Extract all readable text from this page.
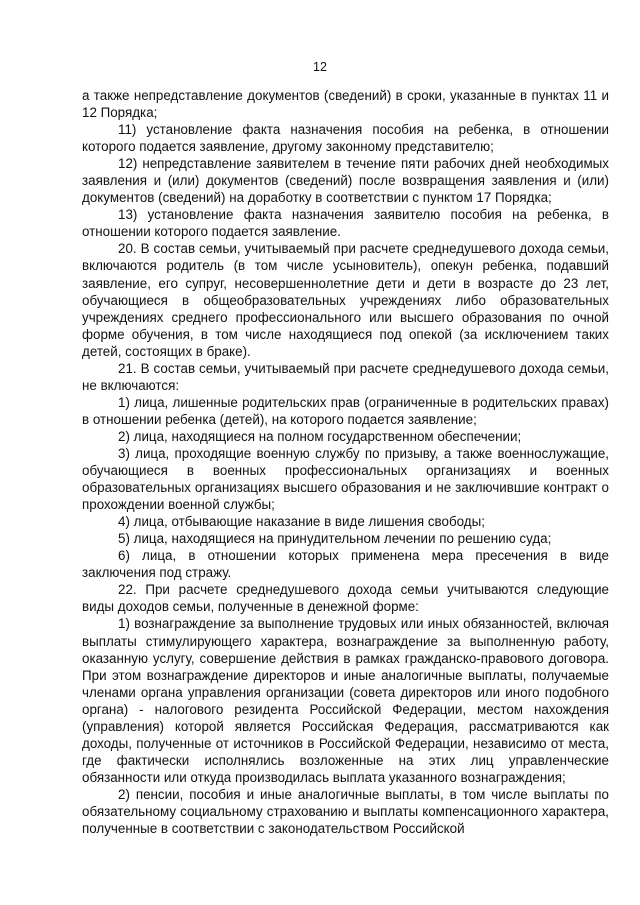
12

а также непредставление документов (сведений) в сроки, указанные в пунктах 11 и 12 Порядка;

11) установление факта назначения пособия на ребенка, в отношении которого подается заявление, другому законному представителю;

12) непредставление заявителем в течение пяти рабочих дней необходимых заявления и (или) документов (сведений) после возвращения заявления и (или) документов (сведений) на доработку в соответствии с пунктом 17 Порядка;

13) установление факта назначения заявителю пособия на ребенка, в отношении которого подается заявление.

20. В состав семьи, учитываемый при расчете среднедушевого дохода семьи, включаются родитель (в том числе усыновитель), опекун ребенка, подавший заявление, его супруг, несовершеннолетние дети и дети в возрасте до 23 лет, обучающиеся в общеобразовательных учреждениях либо образовательных учреждениях среднего профессионального или высшего образования по очной форме обучения, в том числе находящиеся под опекой (за исключением таких детей, состоящих в браке).

21. В состав семьи, учитываемый при расчете среднедушевого дохода семьи, не включаются:

1) лица, лишенные родительских прав (ограниченные в родительских правах) в отношении ребенка (детей), на которого подается заявление;

2) лица, находящиеся на полном государственном обеспечении;

3) лица, проходящие военную службу по призыву, а также военнослужащие, обучающиеся в военных профессиональных организациях и военных образовательных организациях высшего образования и не заключившие контракт о прохождении военной службы;

4) лица, отбывающие наказание в виде лишения свободы;

5) лица, находящиеся на принудительном лечении по решению суда;

6) лица, в отношении которых применена мера пресечения в виде заключения под стражу.

22. При расчете среднедушевого дохода семьи учитываются следующие виды доходов семьи, полученные в денежной форме:

1) вознаграждение за выполнение трудовых или иных обязанностей, включая выплаты стимулирующего характера, вознаграждение за выполненную работу, оказанную услугу, совершение действия в рамках гражданско-правового договора. При этом вознаграждение директоров и иные аналогичные выплаты, получаемые членами органа управления организации (совета директоров или иного подобного органа) - налогового резидента Российской Федерации, местом нахождения (управления) которой является Российская Федерация, рассматриваются как доходы, полученные от источников в Российской Федерации, независимо от места, где фактически исполнялись возложенные на этих лиц управленческие обязанности или откуда производилась выплата указанного вознаграждения;

2) пенсии, пособия и иные аналогичные выплаты, в том числе выплаты по обязательному социальному страхованию и выплаты компенсационного характера, полученные в соответствии с законодательством Российской
